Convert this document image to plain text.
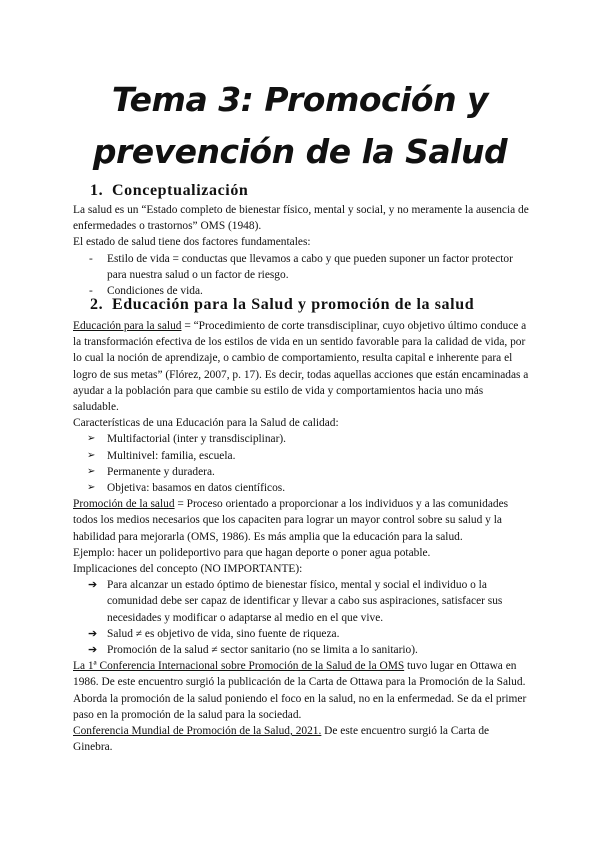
Tema 3: Promoción y
prevención de la Salud
1. Conceptualización

La salud es un “Estado completo de bienestar físico, mental y social, y no meramente la ausencia de enfermedades o trastornos” OMS (1948).

El estado de salud tiene dos factores fundamentales:

- Estilo de vida = conductas que llevamos a cabo y que pueden suponer un factor protector para nuestra salud o un factor de riesgo.
- Condiciones de vida.
2. Educación para la Salud y promoción de la salud

Educación para la salud = “Procedimiento de corte transdisciplinar, cuyo objetivo último conduce a la transformación efectiva de los estilos de vida en un sentido favorable para la calidad de vida, por lo cual la noción de aprendizaje, o cambio de comportamiento, resulta capital e inherente para el logro de sus metas” (Flórez, 2007, p. 17). Es decir, todas aquellas acciones que están encaminadas a ayudar a la población para que cambie su estilo de vida y comportamientos hacia uno más saludable.

Características de una Educación para la Salud de calidad:

➢ Multifactorial (inter y transdisciplinar).
➢ Multinivel: familia, escuela.
➢ Permanente y duradera.
➢ Objetiva: basamos en datos científicos.

Promoción de la salud = Proceso orientado a proporcionar a los individuos y a las comunidades todos los medios necesarios que los capaciten para lograr un mayor control sobre su salud y la habilidad para mejorarla (OMS, 1986). Es más amplia que la educación para la salud.

Ejemplo: hacer un polideportivo para que hagan deporte o poner agua potable.

Implicaciones del concepto (NO IMPORTANTE):

➔ Para alcanzar un estado óptimo de bienestar físico, mental y social el individuo o la comunidad debe ser capaz de identificar y llevar a cabo sus aspiraciones, satisfacer sus necesidades y modificar o adaptarse al medio en el que vive.
➔ Salud ≠ es objetivo de vida, sino fuente de riqueza.
➔ Promoción de la salud ≠ sector sanitario (no se limita a lo sanitario).

La 1ª Conferencia Internacional sobre Promoción de la Salud de la OMS tuvo lugar en Ottawa en 1986. De este encuentro surgió la publicación de la Carta de Ottawa para la Promoción de la Salud. Aborda la promoción de la salud poniendo el foco en la salud, no en la enfermedad. Se da el primer paso en la promoción de la salud para la sociedad.

Conferencia Mundial de Promoción de la Salud, 2021. De este encuentro surgió la Carta de Ginebra.
